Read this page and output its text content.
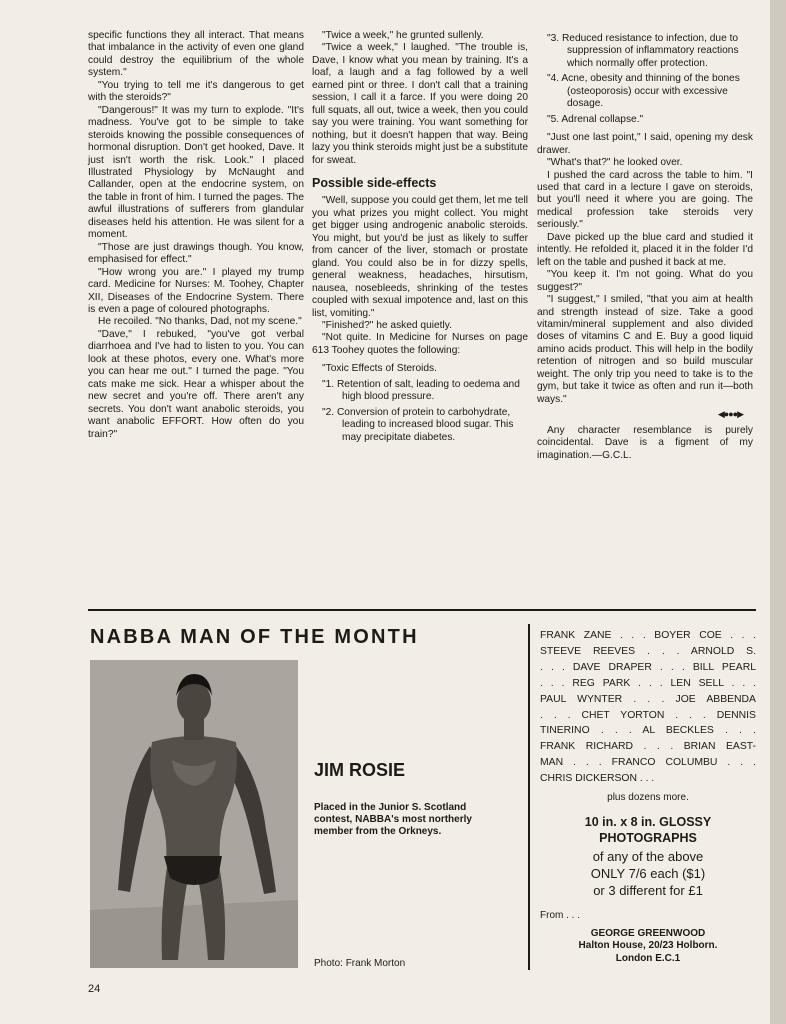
specific functions they all interact. That means that imbalance in the activity of even one gland could destroy the equilibrium of the whole system."

"You trying to tell me it's dangerous to get with the steroids?"

"Dangerous!" It was my turn to explode. "It's madness. You've got to be simple to take steroids knowing the possible consequences of hormonal disruption. Don't get hooked, Dave. It just isn't worth the risk. Look." I placed Illustrated Physiology by McNaught and Callander, open at the endocrine system, on the table in front of him. I turned the pages. The awful illustrations of sufferers from glandular diseases held his attention. He was silent for a moment.

"Those are just drawings though. You know, emphasised for effect."

"How wrong you are." I played my trump card. Medicine for Nurses: M. Toohey, Chapter XII, Diseases of the Endocrine System. There is even a page of coloured photographs.

He recoiled. "No thanks, Dad, not my scene."

"Dave," I rebuked, "you've got verbal diarrhoea and I've had to listen to you. You can look at these photos, every one. What's more you can hear me out." I turned the page. "You cats make me sick. Hear a whisper about the new secret and you're off. There aren't any secrets. You don't want anabolic steroids, you want anabolic EFFORT. How often do you train?"

"Twice a week," he grunted sullenly.

"Twice a week," I laughed. "The trouble is, Dave, I know what you mean by training. It's a loaf, a laugh and a fag followed by a well earned pint or three. I don't call that a training session, I call it a farce. If you were doing 20 full squats, all out, twice a week, then you could say you were training. You want something for nothing, but it doesn't happen that way. Being lazy you think steroids might just be a substitute for sweat.

Possible side-effects

"Well, suppose you could get them, let me tell you what prizes you might collect. You might get bigger using androgenic anabolic steroids. You might, but you'd be just as likely to suffer from cancer of the liver, stomach or prostate gland. You could also be in for dizzy spells, general weakness, headaches, hirsutism, nausea, nosebleeds, shrinking of the testes coupled with sexual impotence and, last on this list, vomiting."

"Finished?" he asked quietly.

"Not quite. In Medicine for Nurses on page 613 Toohey quotes the following:

"Toxic Effects of Steroids.

"1. Retention of salt, leading to oedema and high blood pressure.

"2. Conversion of protein to carbohydrate, leading to increased blood sugar. This may precipitate diabetes.

"3. Reduced resistance to infection, due to suppression of inflammatory reactions which normally offer protection.

"4. Acne, obesity and thinning of the bones (osteoporosis) occur with excessive dosage.

"5. Adrenal collapse."

"Just one last point," I said, opening my desk drawer.

"What's that?" he looked over.

I pushed the card across the table to him. "I used that card in a lecture I gave on steroids, but you'll need it where you are going. The medical profession take steroids very seriously."

Dave picked up the blue card and studied it intently. He refolded it, placed it in the folder I'd left on the table and pushed it back at me.

"You keep it. I'm not going. What do you suggest?"

"I suggest," I smiled, "that you aim at health and strength instead of size. Take a good vitamin/mineral supplement and also divided doses of vitamins C and E. Buy a good liquid amino acids product. This will help in the bodily retention of nitrogen and so build muscular weight. The only trip you need to take is to the gym, but take it twice as often and run it—both ways."

◀●●●▶

Any character resemblance is purely coincidental. Dave is a figment of my imagination.—G.C.L.

NABBA MAN OF THE MONTH
JIM ROSIE
Placed in the Junior S. Scotland contest, NABBA's most northerly member from the Orkneys.
Photo: Frank Morton
FRANK ZANE . . . BOYER COE . . .
STEEVE REEVES . . . ARNOLD S.
. . . DAVE DRAPER . . . BILL PEARL
. . . REG PARK . . . LEN SELL . . .
PAUL WYNTER . . . JOE ABBENDA
. . . CHET YORTON . . . DENNIS
TINERINO . . . AL BECKLES . . .
FRANK RICHARD . . . BRIAN EAST-
MAN . . . FRANCO COLUMBU . . .
CHRIS DICKERSON . . .
plus dozens more.
10 in. x 8 in. GLOSSY
PHOTOGRAPHS
of any of the above
ONLY 7/6 each ($1)
or 3 different for £1
From . . .
GEORGE GREENWOOD
Halton House, 20/23 Holborn.
London E.C.1
24
